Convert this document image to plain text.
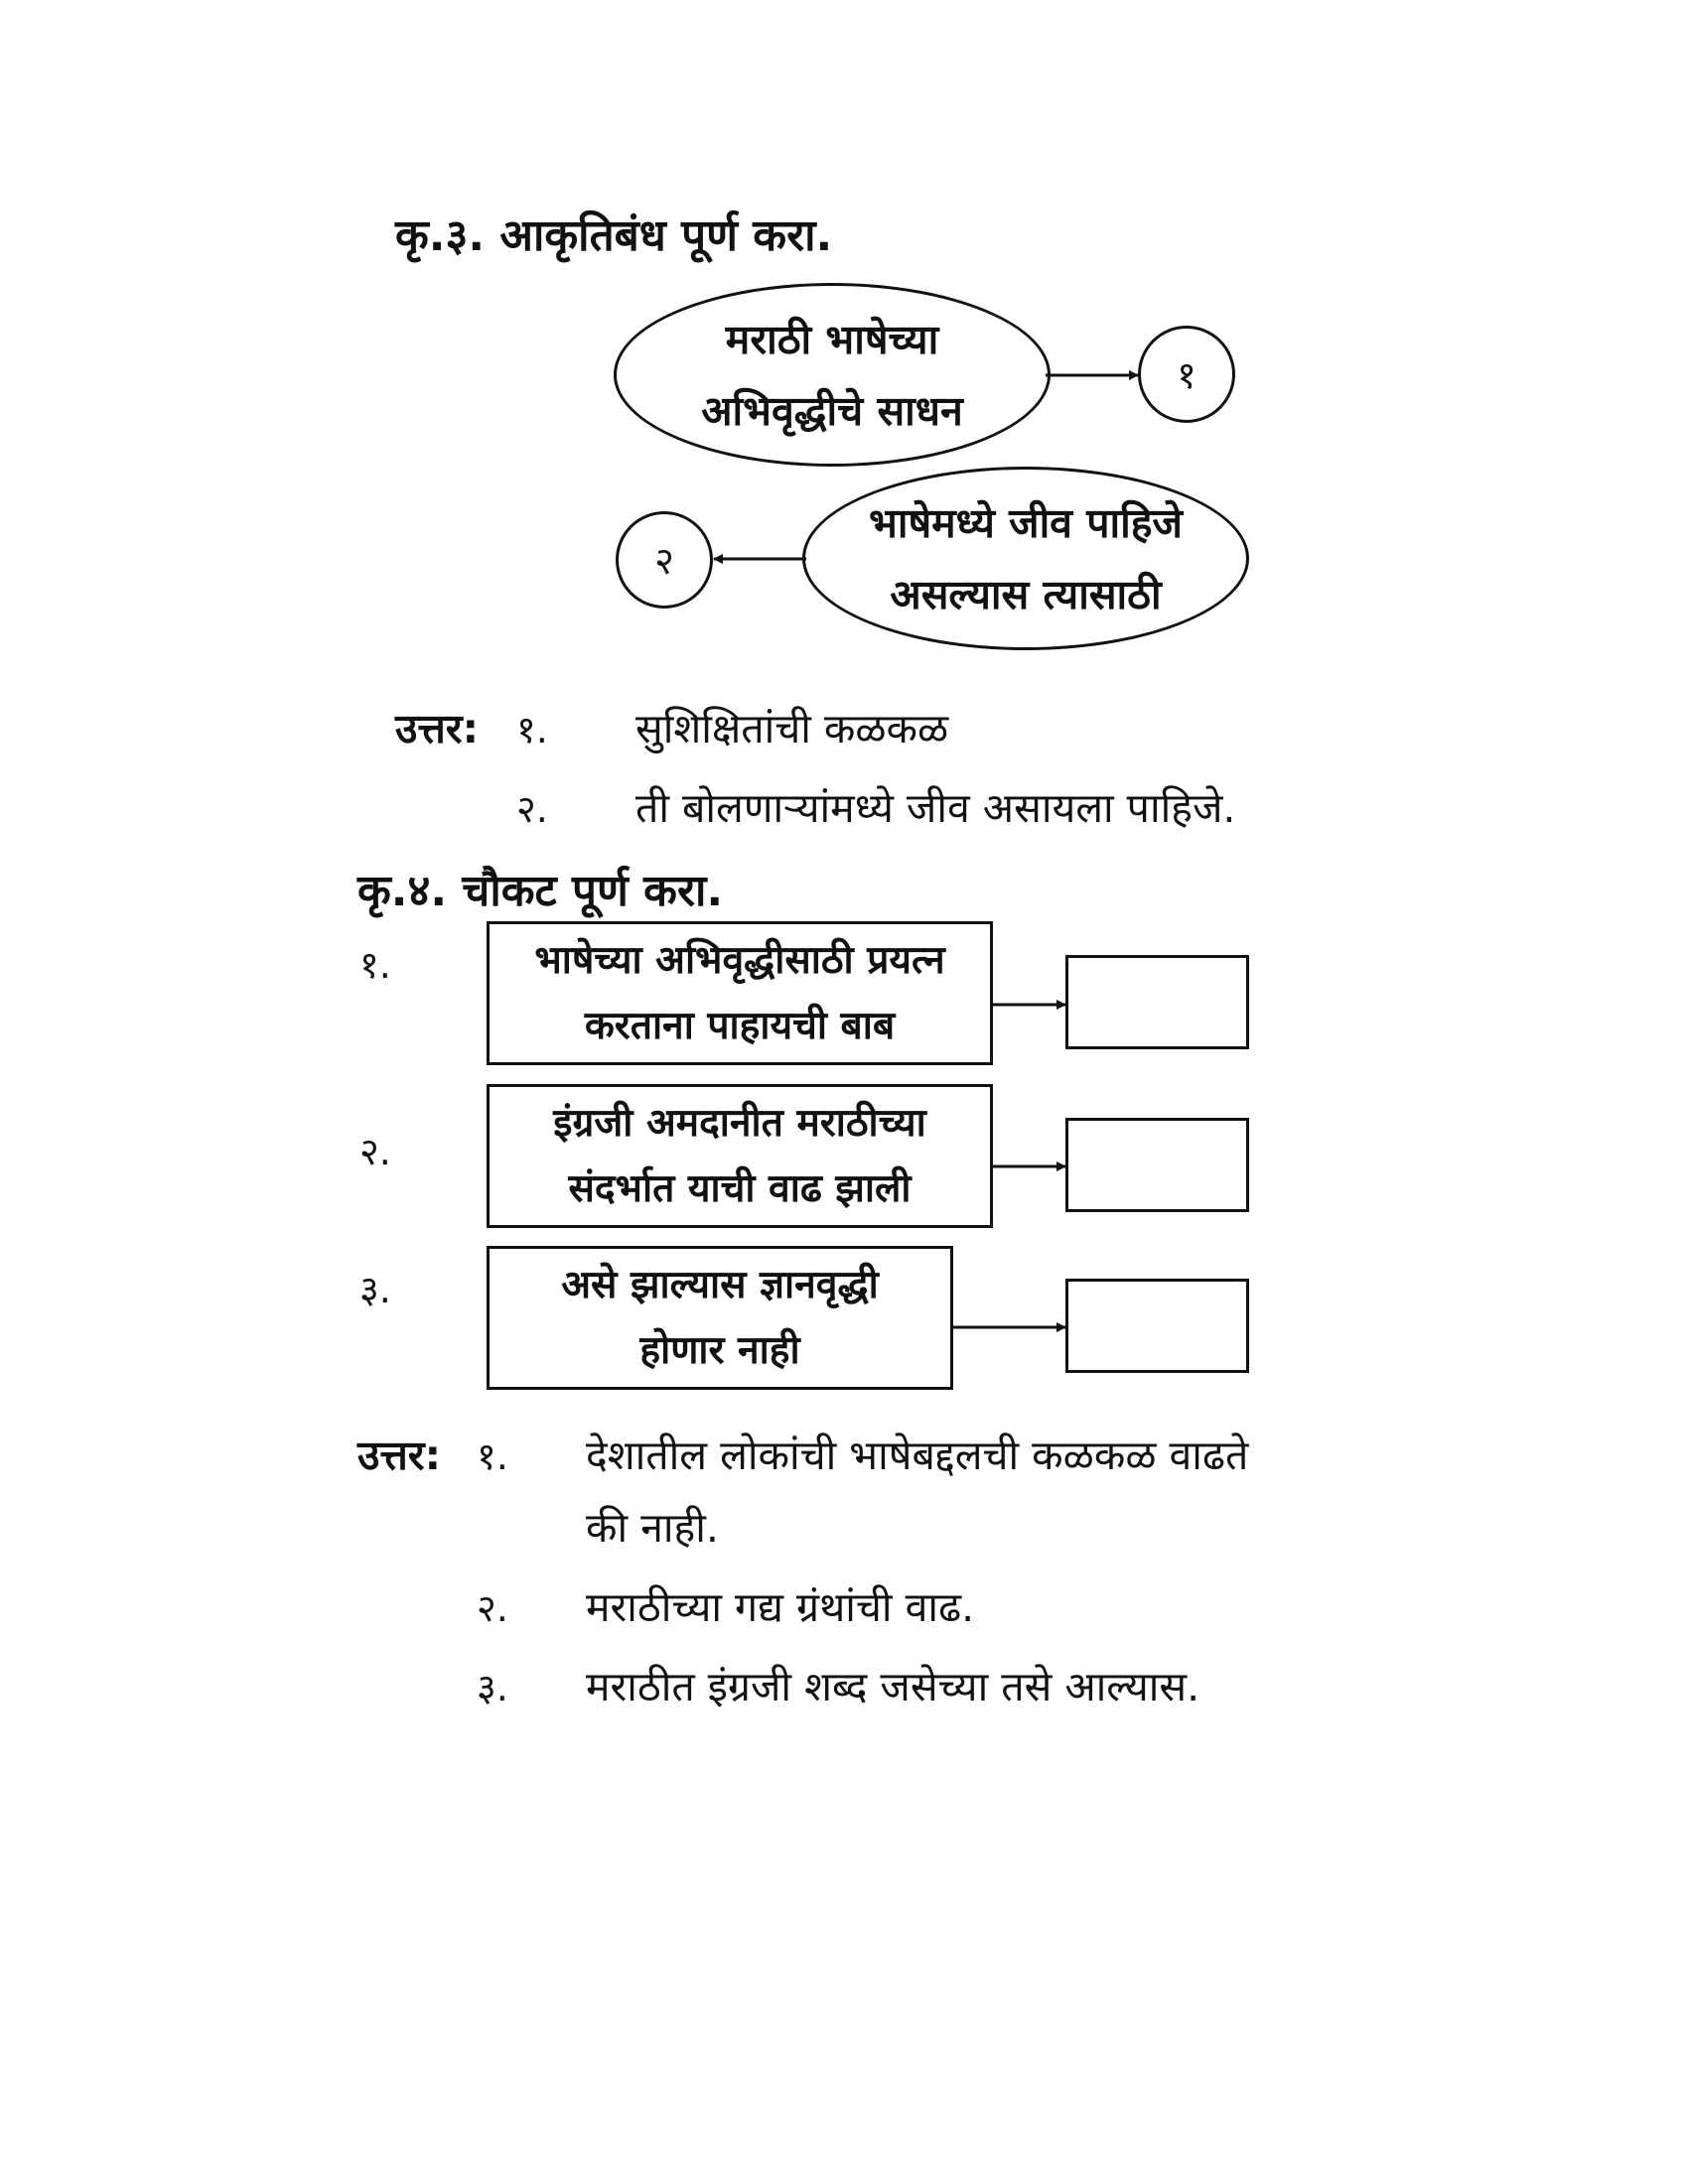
कृ.३. आकृतिबंध पूर्ण करा.
मराठी भाषेच्या
अभिवृद्धीचे साधन
१
भाषेमध्ये जीव पाहिजे
असल्यास त्यासाठी
२
उत्तर: १. सुशिक्षितांची कळकळ
२. ती बोलणाऱ्यांमध्ये जीव असायला पाहिजे.
कृ.४. चौकट पूर्ण करा.
१.	भाषेच्या अभिवृद्धीसाठी प्रयत्न
करताना पाहायची बाब
२.
इंग्रजी अमदानीत मराठीच्या
संदर्भात याची वाढ झाली
३.	असे झाल्यास ज्ञानवृद्धी
होणार नाही
उत्तर: १. देशातील लोकांची भाषेबद्दलची कळकळ वाढते
की नाही.
२. मराठीच्या गद्य ग्रंथांची वाढ.
३. मराठीत इंग्रजी शब्द जसेच्या तसे आल्यास.
